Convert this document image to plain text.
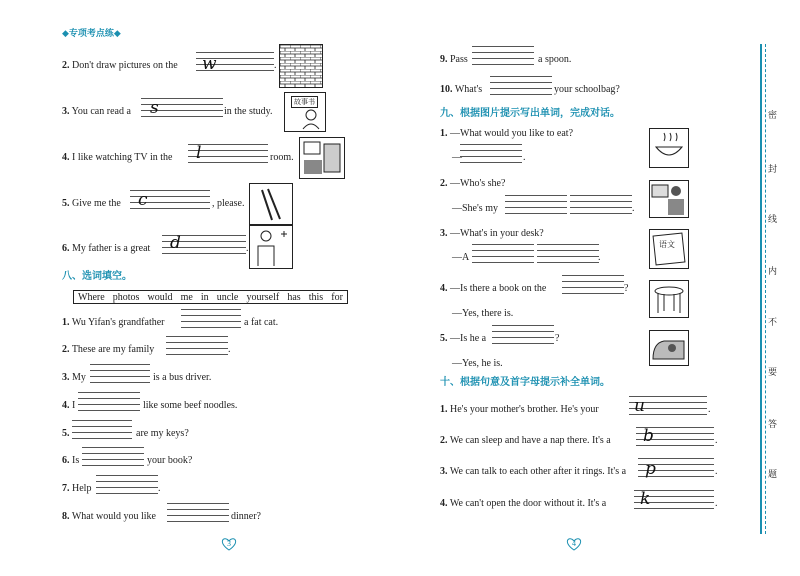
◆专项考点练◆
2. Don't draw pictures on the w	.
3. You can read a s	in the study.
故事书
4. I like watching TV in the l	room.
5. Give me the c	, please.
6. My father is a great d	.
八、选词填空。
Where photos would me in uncle yourself has this for
1. Wu Yifan's grandfather	a fat cat.
2. These are my family	.
3. My	is a bus driver.
4. I	like some beef noodles.
5.	are my keys?
6. Is	your book?
7. Help	.
8. What would you like	dinner?
3
9. Pass	a spoon.
10. What's	your schoolbag?
九、根据图片提示写出单词，完成对话。
1. —What would you like to eat?
—	.
2. —Who's she?
—She's my	.
3. —What's in your desk?
—A	.
语文
4. —Is there a book on the	?
—Yes, there is.
5. —Is he a	?
—Yes, he is.
十、根据句意及首字母提示补全单词。
1. He's your mother's brother. He's your u	.
2. We can sleep and have a nap there. It's a b	.
3. We can talk to each other after it rings. It's a p	.
4. We can't open the door without it. It's a k	.
4
密
封
线
内
不
要
答
题
